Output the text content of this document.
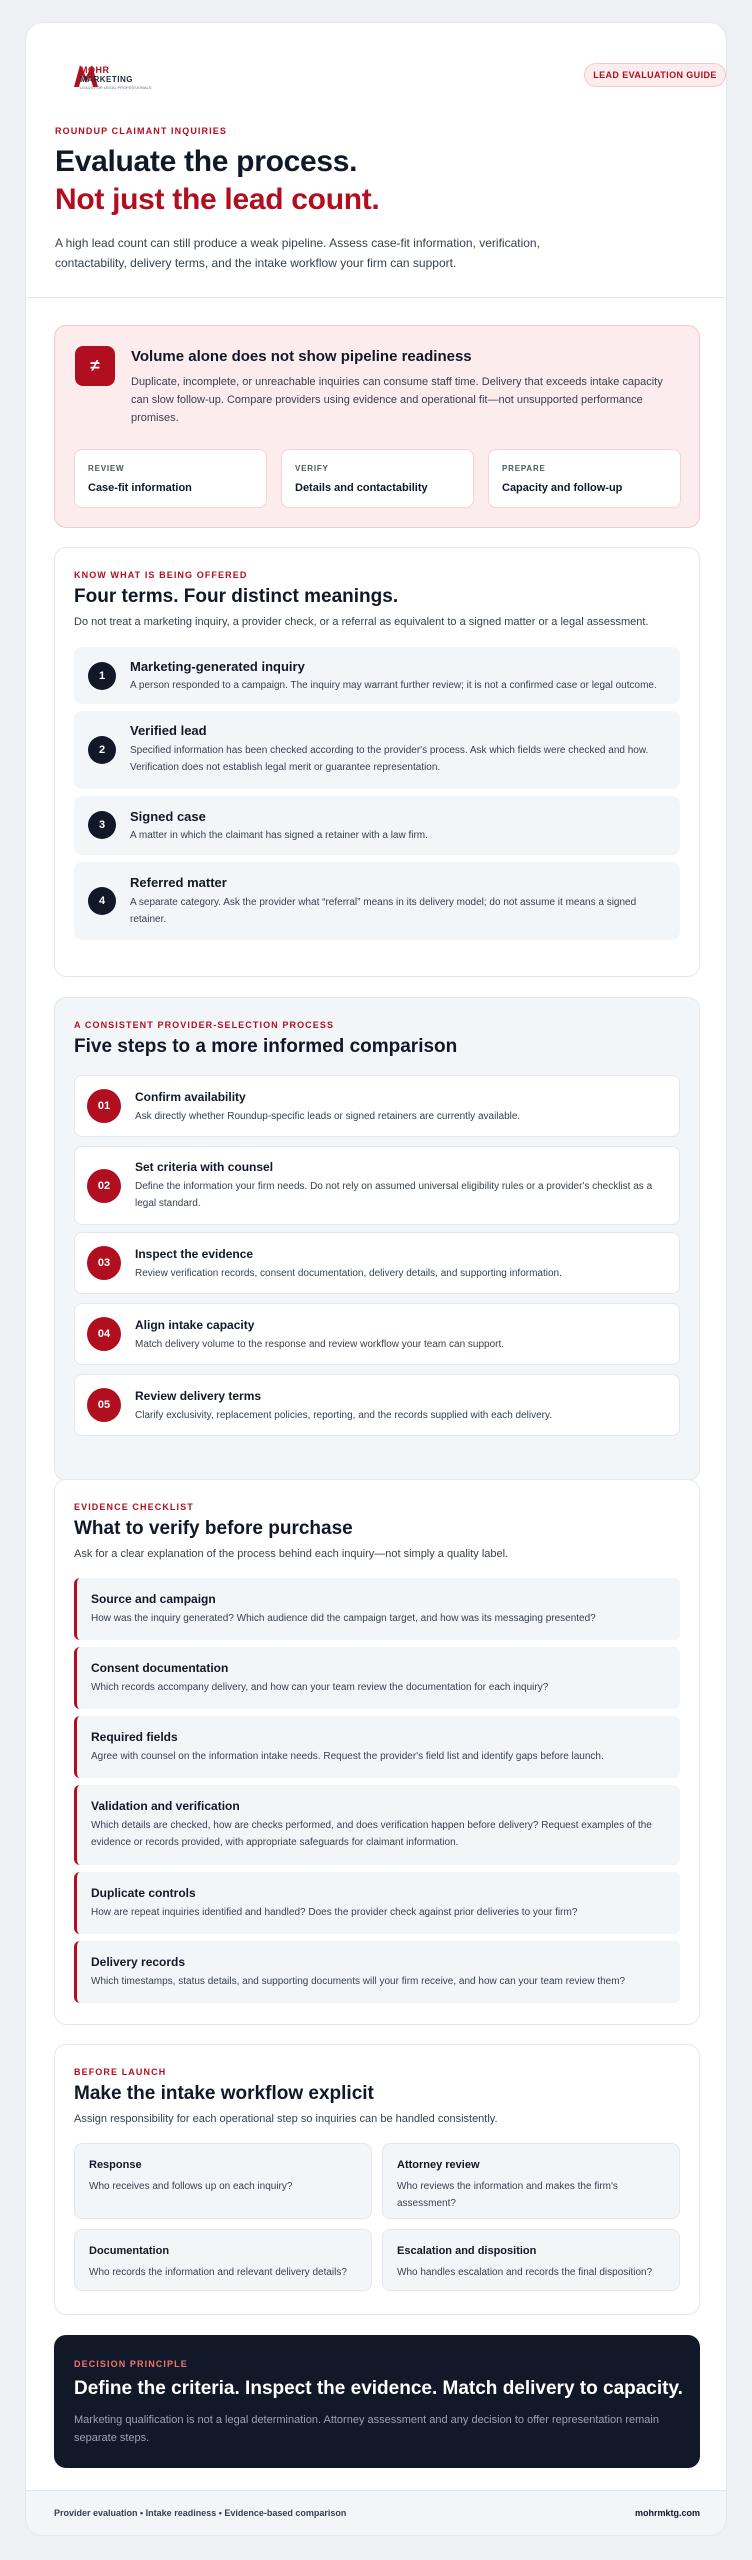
MOHR
MARKETING
LEADS FOR LEGAL PROFESSIONALS
LEAD EVALUATION GUIDE
ROUNDUP CLAIMANT INQUIRIES
Evaluate the process.
Not just the lead count.
A high lead count can still produce a weak pipeline. Assess case-fit information, verification, contactability, delivery terms, and the intake workflow your firm can support.
≠	Volume alone does not show pipeline readiness
Duplicate, incomplete, or unreachable inquiries can consume staff time. Delivery that exceeds intake capacity can slow follow-up. Compare providers using evidence and operational fit—not unsupported performance promises.
REVIEW
Case-fit information
VERIFY
Details and contactability
PREPARE
Capacity and follow-up
KNOW WHAT IS BEING OFFERED
Four terms. Four distinct meanings.
Do not treat a marketing inquiry, a provider check, or a referral as equivalent to a signed matter or a legal assessment.
1
Marketing-generated inquiry
A person responded to a campaign. The inquiry may warrant further review; it is not a confirmed case or legal outcome.
2
Verified lead
Specified information has been checked according to the provider's process. Ask which fields were checked and how. Verification does not establish legal merit or guarantee representation.
3
Signed case
A matter in which the claimant has signed a retainer with a law firm.
4
Referred matter
A separate category. Ask the provider what “referral” means in its delivery model; do not assume it means a signed retainer.
A CONSISTENT PROVIDER-SELECTION PROCESS
Five steps to a more informed comparison
01
Confirm availability
Ask directly whether Roundup-specific leads or signed retainers are currently available.
02
Set criteria with counsel
Define the information your firm needs. Do not rely on assumed universal eligibility rules or a provider's checklist as a legal standard.
03
Inspect the evidence
Review verification records, consent documentation, delivery details, and supporting information.
04
Align intake capacity
Match delivery volume to the response and review workflow your team can support.
05
Review delivery terms
Clarify exclusivity, replacement policies, reporting, and the records supplied with each delivery.
EVIDENCE CHECKLIST
What to verify before purchase
Ask for a clear explanation of the process behind each inquiry—not simply a quality label.
Source and campaign
How was the inquiry generated? Which audience did the campaign target, and how was its messaging presented?
Consent documentation
Which records accompany delivery, and how can your team review the documentation for each inquiry?
Required fields
Agree with counsel on the information intake needs. Request the provider's field list and identify gaps before launch.
Validation and verification
Which details are checked, how are checks performed, and does verification happen before delivery? Request examples of the evidence or records provided, with appropriate safeguards for claimant information.
Duplicate controls
How are repeat inquiries identified and handled? Does the provider check against prior deliveries to your firm?
Delivery records
Which timestamps, status details, and supporting documents will your firm receive, and how can your team review them?
BEFORE LAUNCH
Make the intake workflow explicit
Assign responsibility for each operational step so inquiries can be handled consistently.
Response
Who receives and follows up on each inquiry?
Attorney review
Who reviews the information and makes the firm's assessment?
Documentation
Who records the information and relevant delivery details?
Escalation and disposition
Who handles escalation and records the final disposition?
DECISION PRINCIPLE
Define the criteria. Inspect the evidence. Match delivery to capacity.
Marketing qualification is not a legal determination. Attorney assessment and any decision to offer representation remain separate steps.
Provider evaluation • Intake readiness • Evidence-based comparison	mohrmktg.com
